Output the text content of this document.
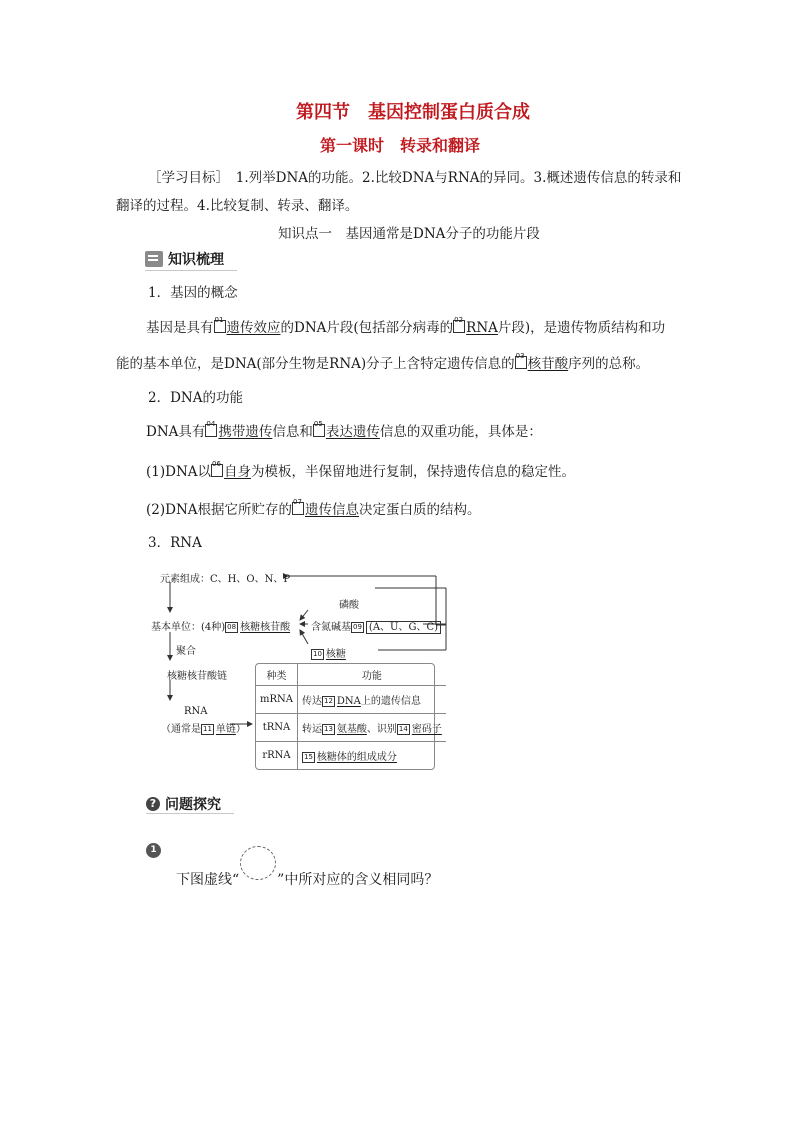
第四节　基因控制蛋白质合成
第一课时　转录和翻译
［学习目标］　1.列举DNA的功能。2.比较DNA与RNA的异同。3.概述遗传信息的转录和
翻译的过程。4.比较复制、转录、翻译。
知识点一　基因通常是DNA分子的功能片段
知识梳理
1．基因的概念
基因是具有 01 遗传效应的DNA片段(包括部分病毒的 02 RNA片段)，是遗传物质结构和功
能的基本单位，是DNA(部分生物是RNA)分子上含特定遗传信息的 03 核苷酸序列的总称。
2．DNA的功能
DNA具有 04 携带遗传信息和 05 表达遗传信息的双重功能，具体是：
(1)DNA以 06 自身为模板，半保留地进行复制，保持遗传信息的稳定性。
(2)DNA根据它所贮存的 07 遗传信息决定蛋白质的结构。
3．RNA
元素组成：C、H、O、N、P
磷酸
基本单位：(4种) 08 核糖核苷酸 含氮碱基 09 (A、U、G、C)
10 核糖
聚合
核糖核苷酸链
RNA
（通常是 11 单链）
种类	功能
mRNA	传达 12 DNA上的遗传信息
tRNA	转运 13 氨基酸、识别 14 密码子
rRNA	15 核糖体的组成成分
? 问题探究
1
下图虚线“	”中所对应的含义相同吗？
